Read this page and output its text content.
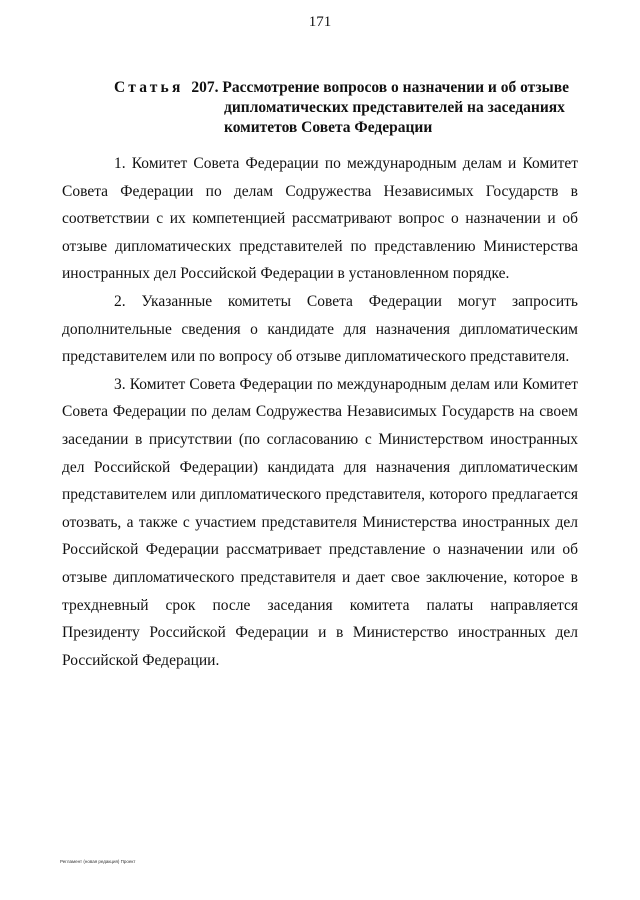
171
Статья 207. Рассмотрение вопросов о назначении и об отзыве
дипломатических представителей на заседаниях
комитетов Совета Федерации

1. Комитет Совета Федерации по международным делам и Комитет Совета Федерации по делам Содружества Независимых Государств в соответствии с их компетенцией рассматривают вопрос о назначении и об отзыве дипломатических представителей по представлению Министерства иностранных дел Российской Федерации в установленном порядке.

2. Указанные комитеты Совета Федерации могут запросить дополнительные сведения о кандидате для назначения дипломатическим представителем или по вопросу об отзыве дипломатического представителя.

3. Комитет Совета Федерации по международным делам или Комитет Совета Федерации по делам Содружества Независимых Государств на своем заседании в присутствии (по согласованию с Министерством иностранных дел Российской Федерации) кандидата для назначения дипломатическим представителем или дипломатического представителя, которого предлагается отозвать, а также с участием представителя Министерства иностранных дел Российской Федерации рассматривает представление о назначении или об отзыве дипломатического представителя и дает свое заключение, которое в трехдневный срок после заседания комитета палаты направляется Президенту Российской Федерации и в Министерство иностранных дел Российской Федерации.

Регламент (новая редакция) Проект
